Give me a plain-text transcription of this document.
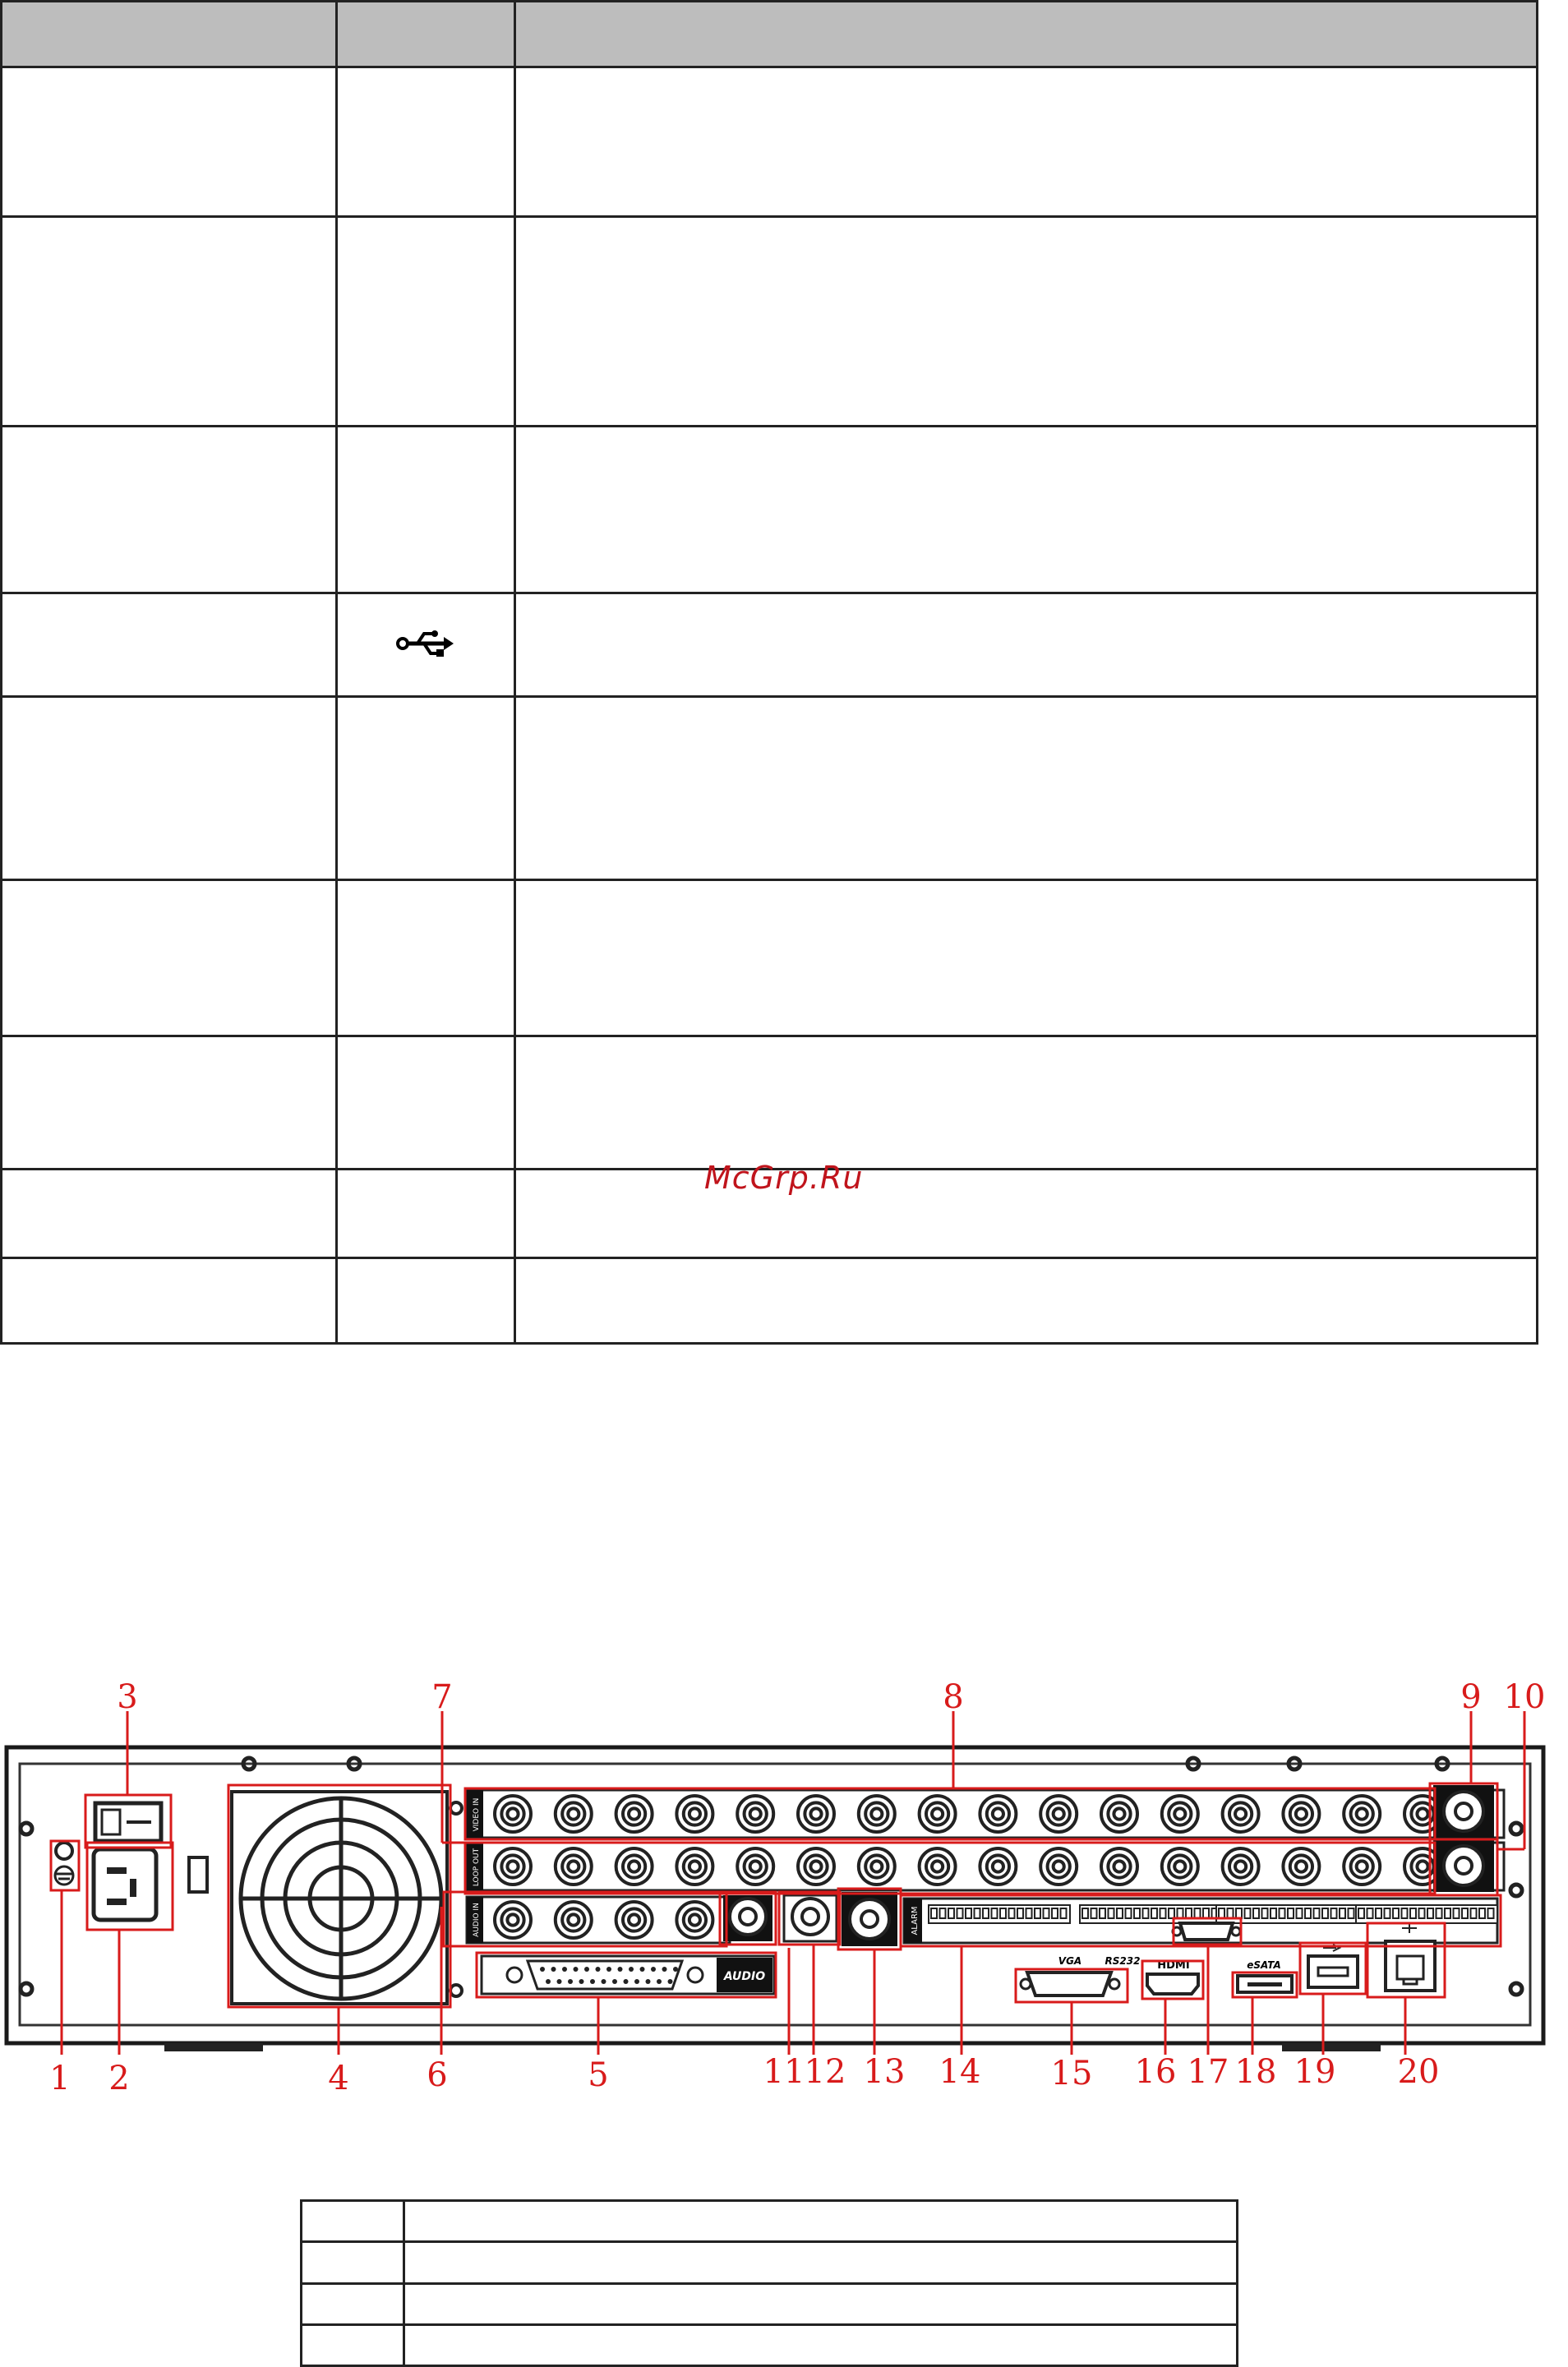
McGrp.Ru
VIDEO IN
LOOP OUT
AUDIO IN
AUDIO
ALARM
VGA RS232 HDMI	eSATA
1 2
3
4	5
6
7	8	9 10
11 12 13 14 15 16 17 18 19 20
